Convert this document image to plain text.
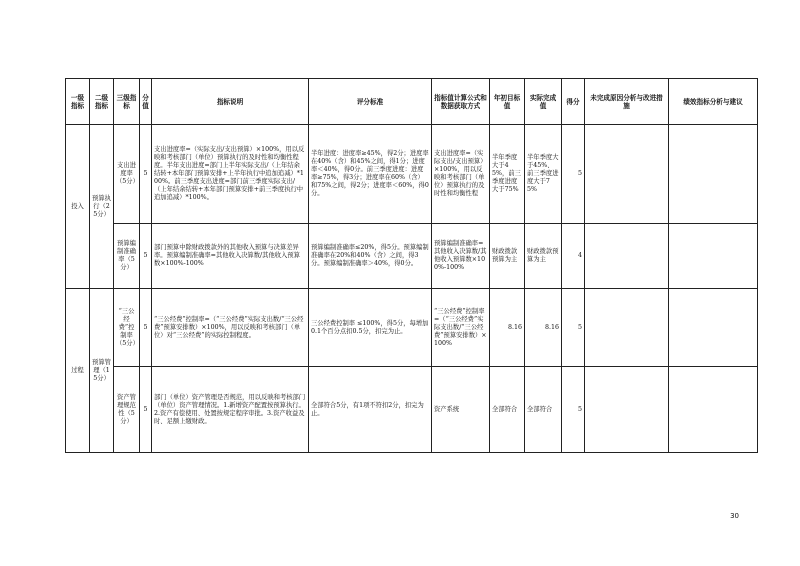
一级指标	二级指标	三级指标	分值	指标说明	评分标准	指标值计算公式和数据获取方式	年初目标值	实际完成值	得分	未完成原因分析与改进措施	绩效指标分析与建议
投入	预算执行（25分）	支出进度率（5分）	5	支出进度率=（实际支出/支出预算）×100%，用以反映和考核部门（单位）预算执行的及时性和均衡性程度。半年支出进度=部门上半年实际支出/（上年结余结转+本年部门预算安排+上半年执行中追加追减）*100%。前三季度支出进度=部门前三季度实际支出/（上年结余结转+本年部门预算安排+前三季度执行中追加追减）*100%。	半年进度：进度率≥45%，得2分；进度率在40%（含）和45%之间，得1分；进度率＜40%，得0分。前三季度进度：进度率≥75%，得3分；进度率在60%（含）和75%之间，得2分；进度率＜60%，得0分。	支出进度率=（实际支出/支出预算）×100%，用以反映和考核部门（单位）预算执行的及时性和均衡性程	半年季度大于45%，前三季度进度大于75%	半年季度大于45%、前三季度进度大于75%	5		
		预算编制准确率（5分）	5	部门预算中除财政拨款外的其他收入预算与决算差异率。预算编制准确率=其他收入决算数/其他收入预算数×100%-100%	预算编制准确率≤20%，得5分。预算编制准确率在20%和40%（含）之间，得3分。预算编制准确率＞40%，得0分。	预算编制准确率=其他收入决算数/其他收入预算数×100%-100%	财政拨款预算为主	财政拨款预算为主	4		
过程	预算管理（15分）	“三公经费”控制率（5分）	5	“三公经费”控制率=（“三公经费”实际支出数/“三公经费”预算安排数）×100%，用以反映和考核部门（单位）对“三公经费”的实际控制程度。	三公经费控制率 ≤100%，得5分，每增加0.1个百分点扣0.5分，扣完为止。	“三公经费”控制率=（“三公经费”实际支出数/“三公经费”预算安排数）×100%	8.16	8.16	5		
		资产管理规范性（5分）	5	部门（单位）资产管理是否规范，用以反映和考核部门（单位）资产管理情况。1.新增资产配置按预算执行。2.资产有偿使用、处置按规定程序审批。3.资产收益及时、足额上缴财政。	全部符合5分，有1项不符扣2分，扣完为止。	资产系统	全部符合	全部符合	5		
30
